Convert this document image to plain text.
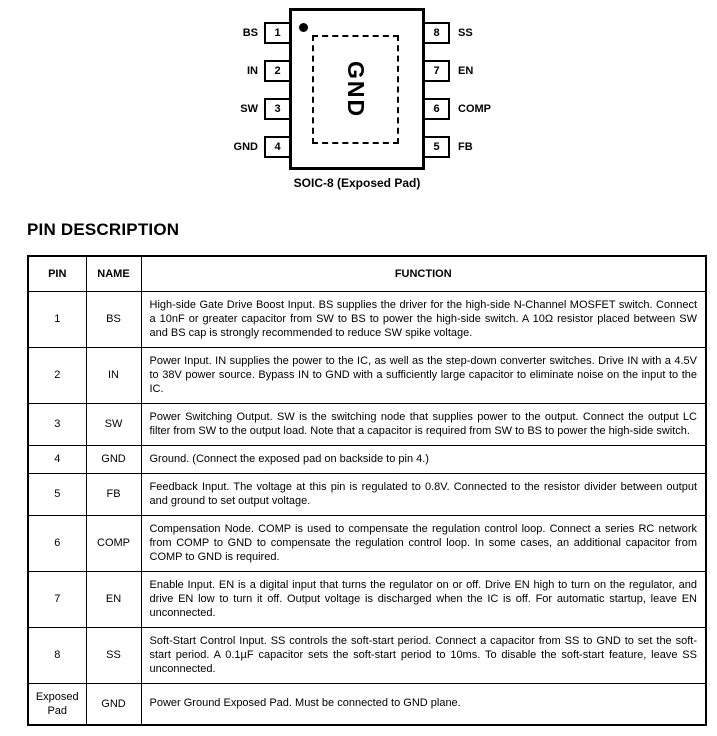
BS	1
IN	2
SW	3
GND	4
GND
8	SS
7	EN
6	COMP
5	FB
SOIC-8 (Exposed Pad)
PIN DESCRIPTION
PIN	NAME	FUNCTION
1	BS	High-side Gate Drive Boost Input. BS supplies the driver for the high-side N-Channel MOSFET switch. Connect a 10nF or greater capacitor from SW to BS to power the high-side switch. A 10Ω resistor placed between SW and BS cap is strongly recommended to reduce SW spike voltage.
2	IN	Power Input. IN supplies the power to the IC, as well as the step-down converter switches. Drive IN with a 4.5V to 38V power source. Bypass IN to GND with a sufficiently large capacitor to eliminate noise on the input to the IC.
3	SW	Power Switching Output. SW is the switching node that supplies power to the output. Connect the output LC filter from SW to the output load. Note that a capacitor is required from SW to BS to power the high-side switch.
4	GND	Ground. (Connect the exposed pad on backside to pin 4.)
5	FB	Feedback Input. The voltage at this pin is regulated to 0.8V. Connected to the resistor divider between output and ground to set output voltage.
6	COMP	Compensation Node. COMP is used to compensate the regulation control loop. Connect a series RC network from COMP to GND to compensate the regulation control loop. In some cases, an additional capacitor from COMP to GND is required.
7	EN	Enable Input. EN is a digital input that turns the regulator on or off. Drive EN high to turn on the regulator, and drive EN low to turn it off. Output voltage is discharged when the IC is off. For automatic startup, leave EN unconnected.
8	SS	Soft-Start Control Input. SS controls the soft-start period. Connect a capacitor from SS to GND to set the soft-start period. A 0.1µF capacitor sets the soft-start period to 10ms. To disable the soft-start feature, leave SS unconnected.
Exposed Pad	GND	Power Ground Exposed Pad. Must be connected to GND plane.
